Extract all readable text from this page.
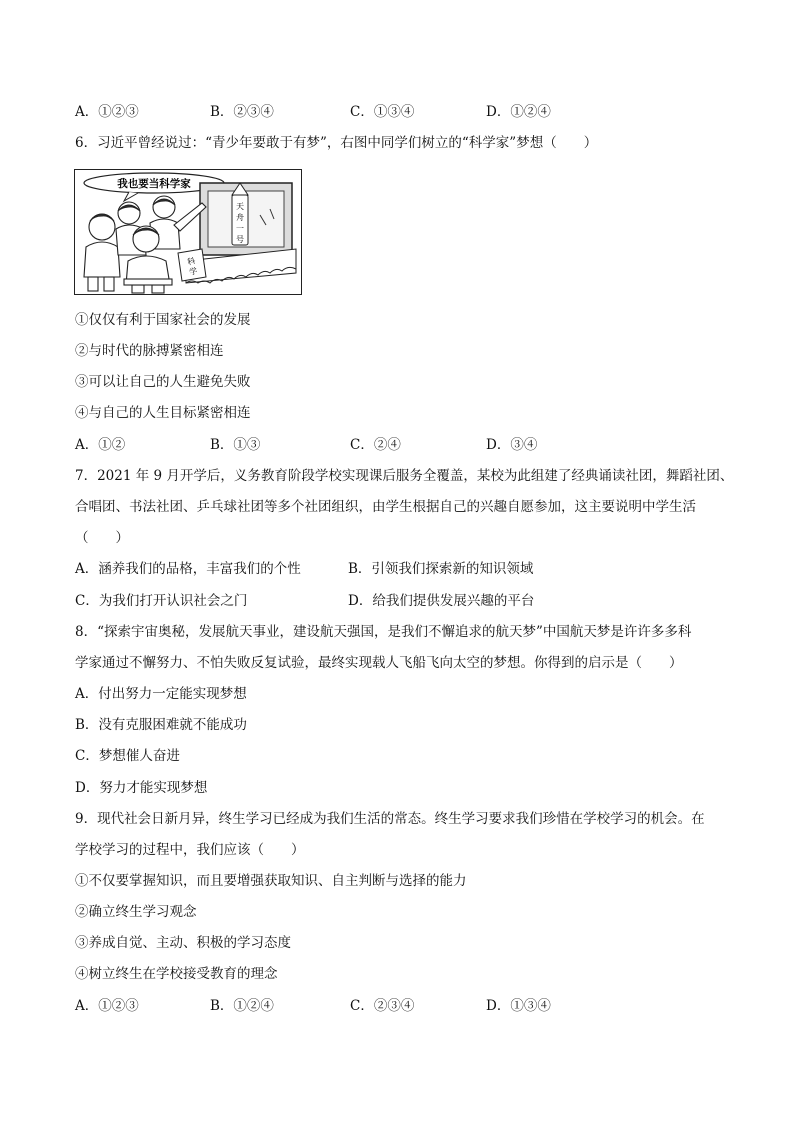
A．①②③	B．②③④	C．①③④	D．①②④
6．习近平曾经说过：“青少年要敢于有梦”，右图中同学们树立的“科学家”梦想（　　）
我也要当科学家
天
舟
一
号
科
学
①仅仅有利于国家社会的发展
②与时代的脉搏紧密相连
③可以让自己的人生避免失败
④与自己的人生目标紧密相连
A．①②	B．①③	C．②④	D．③④
7．2021 年 9 月开学后，义务教育阶段学校实现课后服务全覆盖，某校为此组建了经典诵读社团，舞蹈社团、
合唱团、书法社团、乒乓球社团等多个社团组织，由学生根据自己的兴趣自愿参加，这主要说明中学生活
（　　）
A．涵养我们的品格，丰富我们的个性	B．引领我们探索新的知识领域
C．为我们打开认识社会之门	D．给我们提供发展兴趣的平台
8．“探索宇宙奥秘，发展航天事业，建设航天强国，是我们不懈追求的航天梦”中国航天梦是许许多多科
学家通过不懈努力、不怕失败反复试验，最终实现载人飞船飞向太空的梦想。你得到的启示是（　　）
A．付出努力一定能实现梦想
B．没有克服困难就不能成功
C．梦想催人奋进
D．努力才能实现梦想
9．现代社会日新月异，终生学习已经成为我们生活的常态。终生学习要求我们珍惜在学校学习的机会。在
学校学习的过程中，我们应该（　　）
①不仅要掌握知识，而且要增强获取知识、自主判断与选择的能力
②确立终生学习观念
③养成自觉、主动、积极的学习态度
④树立终生在学校接受教育的理念
A．①②③	B．①②④	C．②③④	D．①③④
